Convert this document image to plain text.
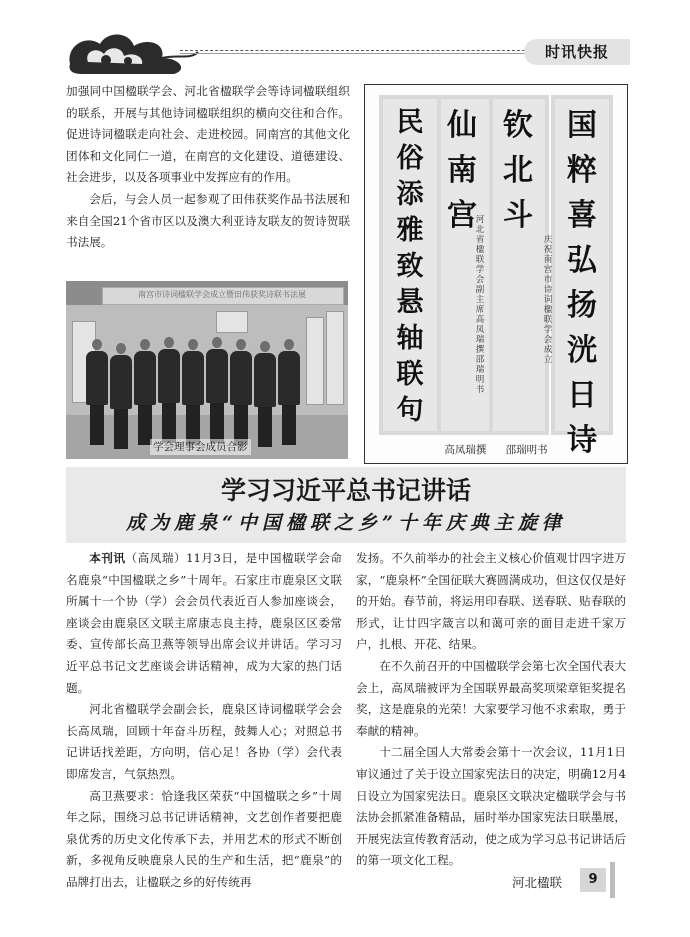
时讯快报

加强同中国楹联学会、河北省楹联学会等诗词楹联组织的联系，开展与其他诗词楹联组织的横向交往和合作。促进诗词楹联走向社会、走进校园。同南宫的其他文化团体和文化同仁一道，在南宫的文化建设、道德建设、社会进步，以及各项事业中发挥应有的作用。

会后，与会人员一起参观了田伟获奖作品书法展和来自全国21个省市区以及澳大利亚诗友联友的贺诗贺联书法展。

南宫市诗词楹联学会成立暨田伟获奖诗联书法展
学会理事会成员合影
国
粹
喜
弘
扬
洸
日
诗
钦
北
斗
庆
祝
南
宫
市
诗
词
楹
联
学
会
成
立
仙
南
宫
河
北
省
楹
联
学
会
副
主
席
高
凤
瑞
撰
邵
瑞
明
书
民
俗
添
雅
致
悬
轴
联
句
高凤瑞撰 邵瑞明书
学习习近平总书记讲话
成为鹿泉“中国楹联之乡”十年庆典主旋律

本刊讯（高凤瑞）11月3日，是中国楹联学会命名鹿泉“中国楹联之乡”十周年。石家庄市鹿泉区文联所属十一个协（学）会会员代表近百人参加座谈会，座谈会由鹿泉区文联主席康志良主持，鹿泉区区委常委、宣传部长高卫燕等领导出席会议并讲话。学习习近平总书记文艺座谈会讲话精神，成为大家的热门话题。

河北省楹联学会副会长，鹿泉区诗词楹联学会会长高凤瑞，回顾十年奋斗历程，鼓舞人心；对照总书记讲话找差距，方向明，信心足！各协（学）会代表即席发言，气氛热烈。

高卫燕要求：恰逢我区荣获“中国楹联之乡”十周年之际，围绕习总书记讲话精神，文艺创作者要把鹿泉优秀的历史文化传承下去，并用艺术的形式不断创新，多视角反映鹿泉人民的生产和生活，把“鹿泉”的品牌打出去，让楹联之乡的好传统再

发扬。不久前举办的社会主义核心价值观廿四字进万家，“鹿泉杯”全国征联大赛圆满成功，但这仅仅是好的开始。春节前，将运用印春联、送春联、贴春联的形式，让廿四字箴言以和蔼可亲的面目走进千家万户，扎根、开花、结果。

在不久前召开的中国楹联学会第七次全国代表大会上，高凤瑞被评为全国联界最高奖项梁章钜奖提名奖，这是鹿泉的光荣！大家要学习他不求索取，勇于奉献的精神。

十二届全国人大常委会第十一次会议，11月1日审议通过了关于设立国家宪法日的决定，明确12月4日设立为国家宪法日。鹿泉区文联决定楹联学会与书法协会抓紧准备精品，届时举办国家宪法日联墨展，开展宪法宣传教育活动，使之成为学习总书记讲话后的第一项文化工程。

河北楹联	9
